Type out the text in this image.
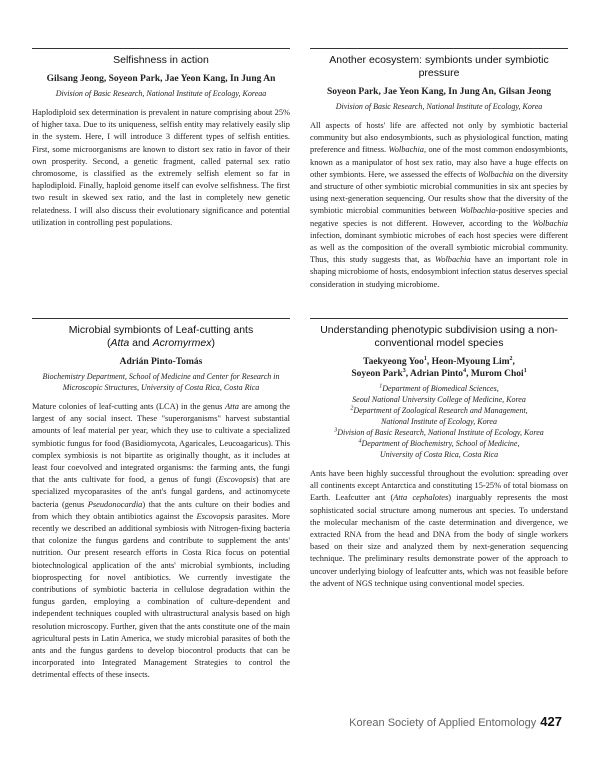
Selfishness in action
Gilsang Jeong, Soyeon Park, Jae Yeon Kang, In Jung An
Division of Basic Research, National Institute of Ecology, Koreaa
Haplodiploid sex determination is prevalent in nature comprising about 25% of higher taxa. Due to its uniqueness, selfish entity may relatively easily slip in the system. Here, I will introduce 3 different types of selfish entities. First, some microorganisms are known to distort sex ratio in favor of their own prosperity. Second, a genetic fragment, called paternal sex ratio chromosome, is classified as the extremely selfish element so far in haplodiploid. Finally, haploid genome itself can evolve selfishness. The first two result in skewed sex ratio, and the last in completely new genetic relatedness. I will also discuss their evolutionary significance and potential utilization in controlling pest populations.
Another ecosystem: symbionts under symbiotic pressure
Soyeon Park, Jae Yeon Kang, In Jung An, Gilsan Jeong
Division of Basic Research, National Institute of Ecology, Korea
All aspects of hosts' life are affected not only by symbiotic bacterial community but also endosymbionts, such as physiological function, mating preference and fitness. Wolbachia, one of the most common endosymbionts, known as a manipulator of host sex ratio, may also have a huge effects on other symbionts. Here, we assessed the effects of Wolbachia on the diversity and structure of other symbiotic microbial communities in six ant species by using next-generation sequencing. Our results show that the diversity of the symbiotic microbial communities between Wolbachia-positive species and negative species is not different. However, according to the Wolbachia infection, dominant symbiotic microbes of each host species were different as well as the composition of the overall symbiotic microbial community. Thus, this study suggests that, as Wolbachia have an important role in shaping microbiome of hosts, endosymbiont infection status deserves special consideration in studying microbiome.
Microbial symbionts of Leaf-cutting ants
(Atta and Acromyrmex)
Adrián Pinto-Tomás
Biochemistry Department, School of Medicine and Center for Research in
Microscopic Structures, University of Costa Rica, Costa Rica
Mature colonies of leaf-cutting ants (LCA) in the genus Atta are among the largest of any social insect. These "superorganisms" harvest substantial amounts of leaf material per year, which they use to cultivate a specialized symbiotic fungus for food (Basidiomycota, Agaricales, Leucoagaricus). This complex symbiosis is not bipartite as originally thought, as it includes at least four coevolved and integrated organisms: the farming ants, the fungi that the ants cultivate for food, a genus of fungi (Escovopsis) that are specialized mycoparasites of the ant's fungal gardens, and actinomycete bacteria (genus Pseudonocardia) that the ants culture on their bodies and from which they obtain antibiotics against the Escovopsis parasites. More recently we described an additional symbiosis with Nitrogen-fixing bacteria that colonize the fungus gardens and contribute to supplement the ants' nutrition. Our present research efforts in Costa Rica focus on potential biotechnological application of the ants' microbial symbionts, including bioprospecting for novel antibiotics. We currently investigate the contributions of symbiotic bacteria in cellulose degradation within the fungus garden, employing a combination of culture-dependent and independent techniques coupled with ultrastructural analysis based on high resolution microscopy. Further, given that the ants constitute one of the main agricultural pests in Latin America, we study microbial parasites of both the ants and the fungus gardens to develop biocontrol products that can be incorporated into Integrated Management Strategies to control the detrimental effects of these insects.
Understanding phenotypic subdivision using a non-
conventional model species
Taekyeong Yoo$^1$, Heon-Myoung Lim$^2$,
Soyeon Park$^3$, Adrian Pinto$^4$, Murom Choi$^1$
$^1$Department of Biomedical Sciences,
Seoul National University College of Medicine, Korea
$^2$Department of Zoological Research and Management,
National Institute of Ecology, Korea
$^3$Division of Basic Research, National Institute of Ecology, Korea
$^4$Department of Biochemistry, School of Medicine,
University of Costa Rica, Costa Rica
Ants have been highly successful throughout the evolution: spreading over all continents except Antarctica and constituting 15-25% of total biomass on Earth. Leafcutter ant (Atta cephalotes) inarguably represents the most sophisticated social structure among numerous ant species. To understand the molecular mechanism of the caste determination and divergence, we extracted RNA from the head and DNA from the body of single workers based on their size and analyzed them by next-generation sequencing technique. The preliminary results demonstrate power of the approach to uncover underlying biology of leafcutter ants, which was not feasible before the advent of NGS technique using conventional model species.
Korean Society of Applied Entomology 427
